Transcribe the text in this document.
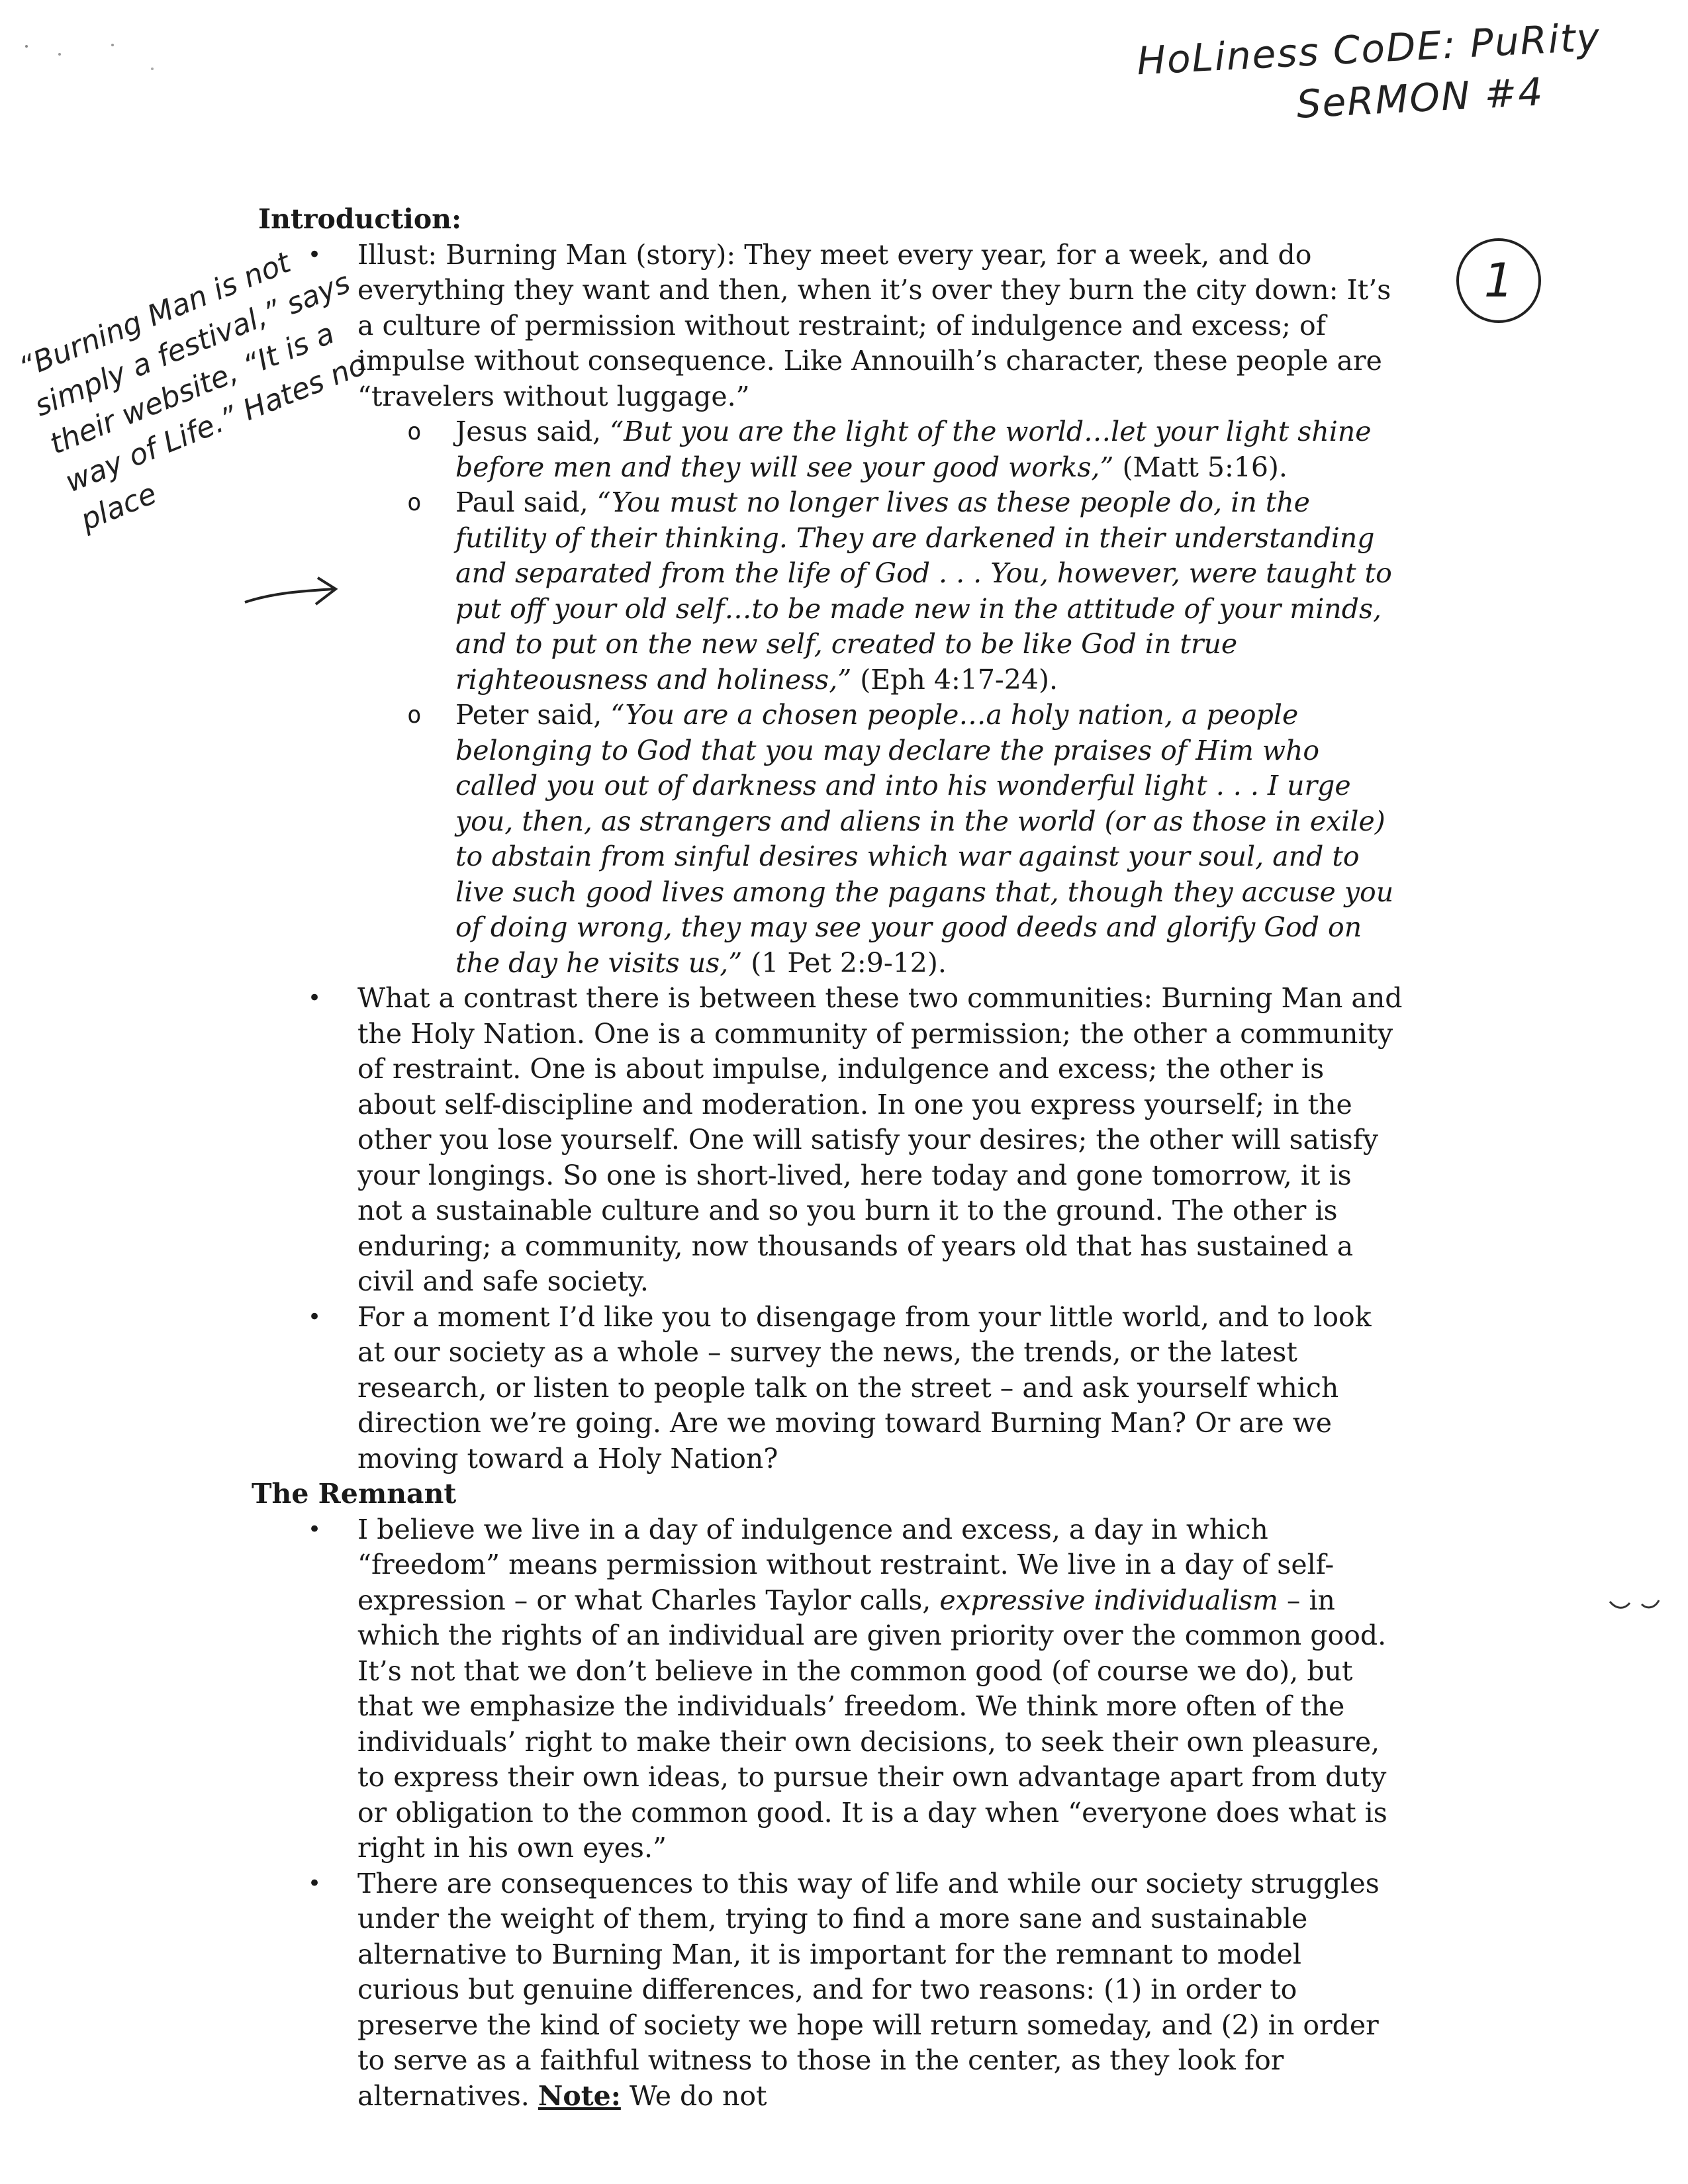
HoLiness CoDE: PuRity
SeRMON #4
1
“Burning Man is not simply a festival,” says their website, “It is a way of Life.” Hates no place
Introduction:
• Illust: Burning Man (story): They meet every year, for a week, and do everything they want and then, when it’s over they burn the city down: It’s a culture of permission without restraint; of indulgence and excess; of impulse without consequence. Like Annouilh’s character, these people are “travelers without luggage.”
o Jesus said, “But you are the light of the world…let your light shine before men and they will see your good works,” (Matt 5:16).
o Paul said, “You must no longer lives as these people do, in the futility of their thinking. They are darkened in their understanding and separated from the life of God . . . You, however, were taught to put off your old self…to be made new in the attitude of your minds, and to put on the new self, created to be like God in true righteousness and holiness,” (Eph 4:17-24).
o Peter said, “You are a chosen people…a holy nation, a people belonging to God that you may declare the praises of Him who called you out of darkness and into his wonderful light . . . I urge you, then, as strangers and aliens in the world (or as those in exile) to abstain from sinful desires which war against your soul, and to live such good lives among the pagans that, though they accuse you of doing wrong, they may see your good deeds and glorify God on the day he visits us,” (1 Pet 2:9-12).
• What a contrast there is between these two communities: Burning Man and the Holy Nation. One is a community of permission; the other a community of restraint. One is about impulse, indulgence and excess; the other is about self-discipline and moderation. In one you express yourself; in the other you lose yourself. One will satisfy your desires; the other will satisfy your longings. So one is short-lived, here today and gone tomorrow, it is not a sustainable culture and so you burn it to the ground. The other is enduring; a community, now thousands of years old that has sustained a civil and safe society.
• For a moment I’d like you to disengage from your little world, and to look at our society as a whole – survey the news, the trends, or the latest research, or listen to people talk on the street – and ask yourself which direction we’re going. Are we moving toward Burning Man? Or are we moving toward a Holy Nation?
The Remnant
• I believe we live in a day of indulgence and excess, a day in which “freedom” means permission without restraint. We live in a day of self-expression – or what Charles Taylor calls, expressive individualism – in which the rights of an individual are given priority over the common good. It’s not that we don’t believe in the common good (of course we do), but that we emphasize the individuals’ freedom. We think more often of the individuals’ right to make their own decisions, to seek their own pleasure, to express their own ideas, to pursue their own advantage apart from duty or obligation to the common good. It is a day when “everyone does what is right in his own eyes.”
• There are consequences to this way of life and while our society struggles under the weight of them, trying to find a more sane and sustainable alternative to Burning Man, it is important for the remnant to model curious but genuine differences, and for two reasons: (1) in order to preserve the kind of society we hope will return someday, and (2) in order to serve as a faithful witness to those in the center, as they look for alternatives. Note: We do not
